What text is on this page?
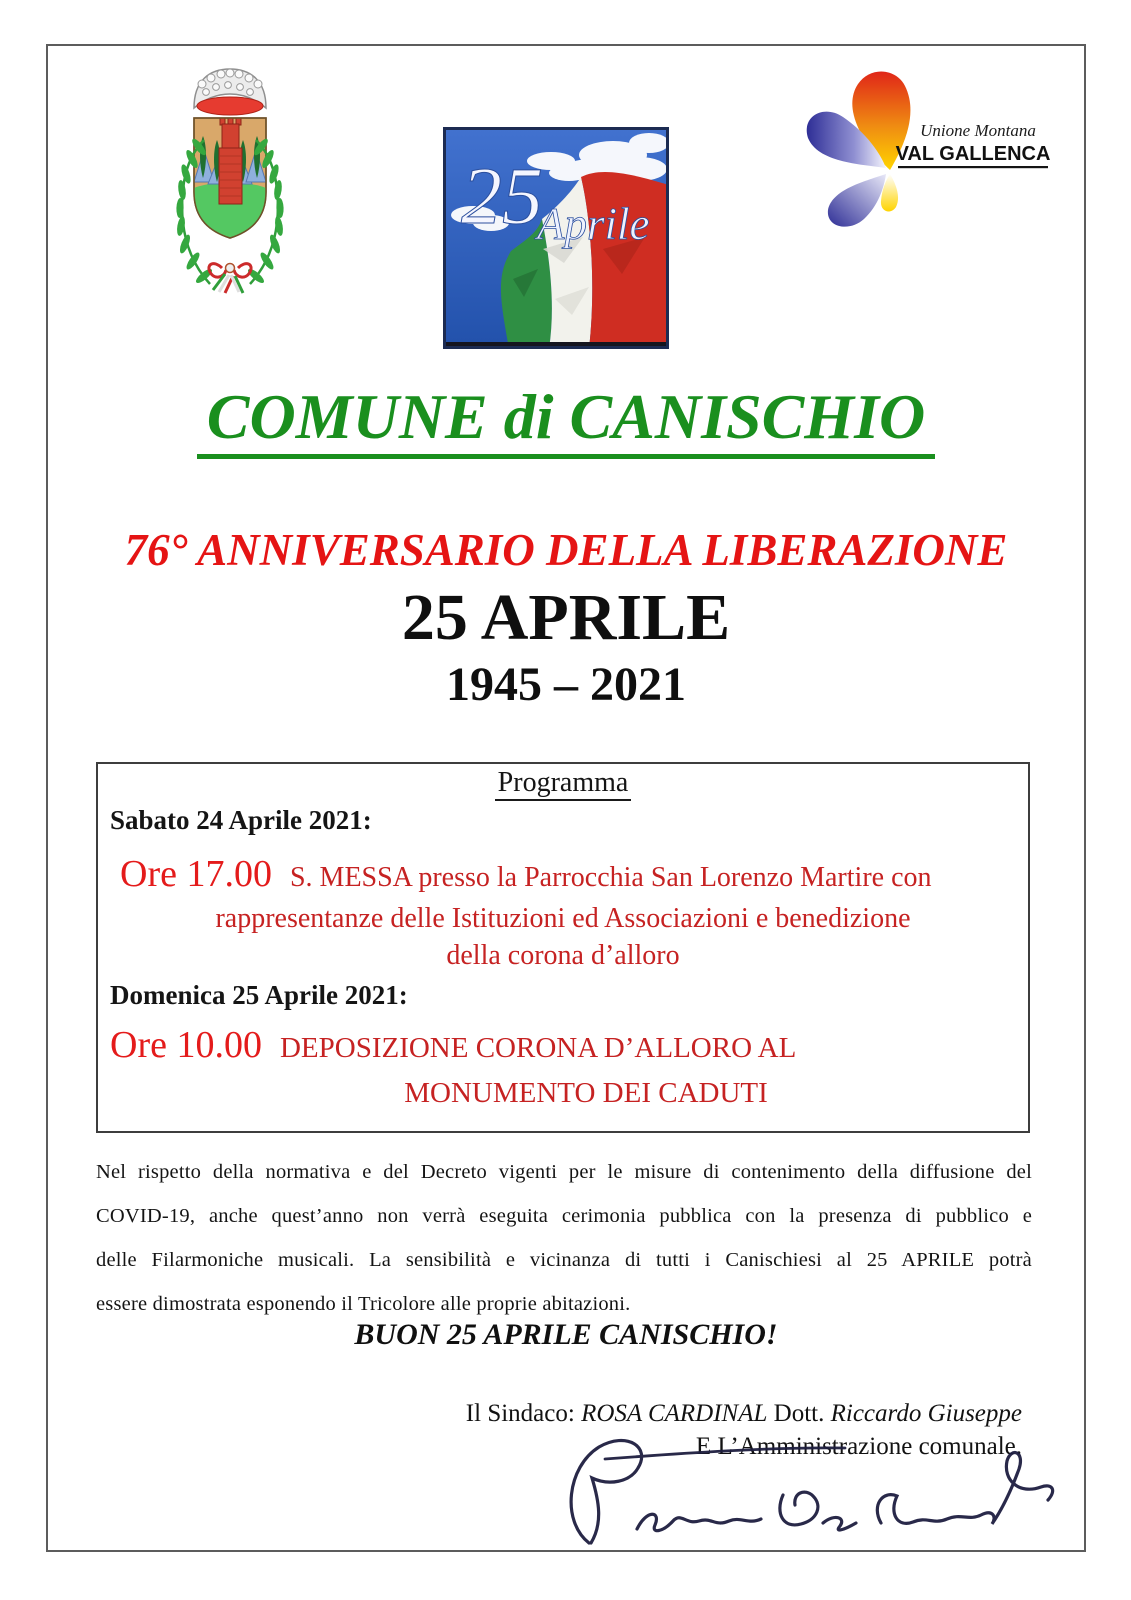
25
Aprile
Unione Montana
VAL GALLENCA
COMUNE di CANISCHIO
76° ANNIVERSARIO DELLA LIBERAZIONE
25 APRILE
1945 – 2021
Programma
Sabato 24 Aprile 2021:
Ore 17.00 S. MESSA presso la Parrocchia San Lorenzo Martire con
rappresentanze delle Istituzioni ed Associazioni e benedizione
della corona d’alloro
Domenica 25 Aprile 2021:
Ore 10.00 DEPOSIZIONE CORONA D’ALLORO AL
MONUMENTO DEI CADUTI
Nel rispetto della normativa e del Decreto vigenti per le misure di contenimento della diffusione del
COVID-19, anche quest’anno non verrà eseguita cerimonia pubblica con la presenza di pubblico e
delle Filarmoniche musicali. La sensibilità e vicinanza di tutti i Canischiesi al 25 APRILE potrà
essere dimostrata esponendo il Tricolore alle proprie abitazioni.
BUON 25 APRILE CANISCHIO!
Il Sindaco: ROSA CARDINAL Dott. Riccardo Giuseppe
E L’Amministrazione comunale.
